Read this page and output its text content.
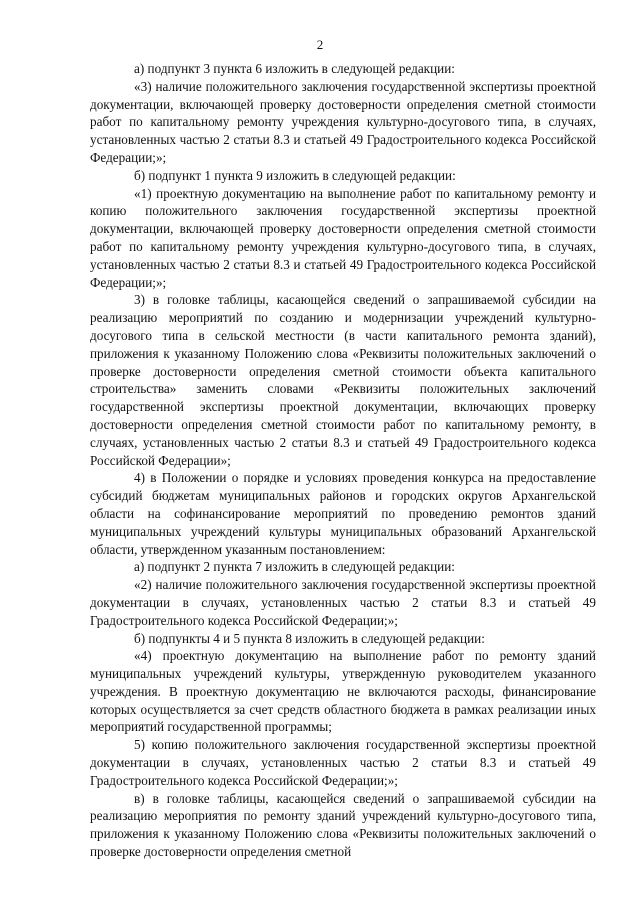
2

а) подпункт 3 пункта 6 изложить в следующей редакции:

«3) наличие положительного заключения государственной экспертизы проектной документации, включающей проверку достоверности определения сметной стоимости работ по капитальному ремонту учреждения культурно-досугового типа, в случаях, установленных частью 2 статьи 8.3 и статьей 49 Градостроительного кодекса Российской Федерации;»;

б) подпункт 1 пункта 9 изложить в следующей редакции:

«1) проектную документацию на выполнение работ по капитальному ремонту и копию положительного заключения государственной экспертизы проектной документации, включающей проверку достоверности определения сметной стоимости работ по капитальному ремонту учреждения культурно-досугового типа, в случаях, установленных частью 2 статьи 8.3 и статьей 49 Градостроительного кодекса Российской Федерации;»;

3) в головке таблицы, касающейся сведений о запрашиваемой субсидии на реализацию мероприятий по созданию и модернизации учреждений культурно-досугового типа в сельской местности (в части капитального ремонта зданий), приложения к указанному Положению слова «Реквизиты положительных заключений о проверке достоверности определения сметной стоимости объекта капитального строительства» заменить словами «Реквизиты положительных заключений государственной экспертизы проектной документации, включающих проверку достоверности определения сметной стоимости работ по капитальному ремонту, в случаях, установленных частью 2 статьи 8.3 и статьей 49 Градостроительного кодекса Российской Федерации»;

4) в Положении о порядке и условиях проведения конкурса на предоставление субсидий бюджетам муниципальных районов и городских округов Архангельской области на софинансирование мероприятий по проведению ремонтов зданий муниципальных учреждений культуры муниципальных образований Архангельской области, утвержденном указанным постановлением:

а) подпункт 2 пункта 7 изложить в следующей редакции:

«2) наличие положительного заключения государственной экспертизы проектной документации в случаях, установленных частью 2 статьи 8.3 и статьей 49 Градостроительного кодекса Российской Федерации;»;

б) подпункты 4 и 5 пункта 8 изложить в следующей редакции:

«4) проектную документацию на выполнение работ по ремонту зданий муниципальных учреждений культуры, утвержденную руководителем указанного учреждения. В проектную документацию не включаются расходы, финансирование которых осуществляется за счет средств областного бюджета в рамках реализации иных мероприятий государственной программы;

5) копию положительного заключения государственной экспертизы проектной документации в случаях, установленных частью 2 статьи 8.3 и статьей 49 Градостроительного кодекса Российской Федерации;»;

в) в головке таблицы, касающейся сведений о запрашиваемой субсидии на реализацию мероприятия по ремонту зданий учреждений культурно-досугового типа, приложения к указанному Положению слова «Реквизиты положительных заключений о проверке достоверности определения сметной
